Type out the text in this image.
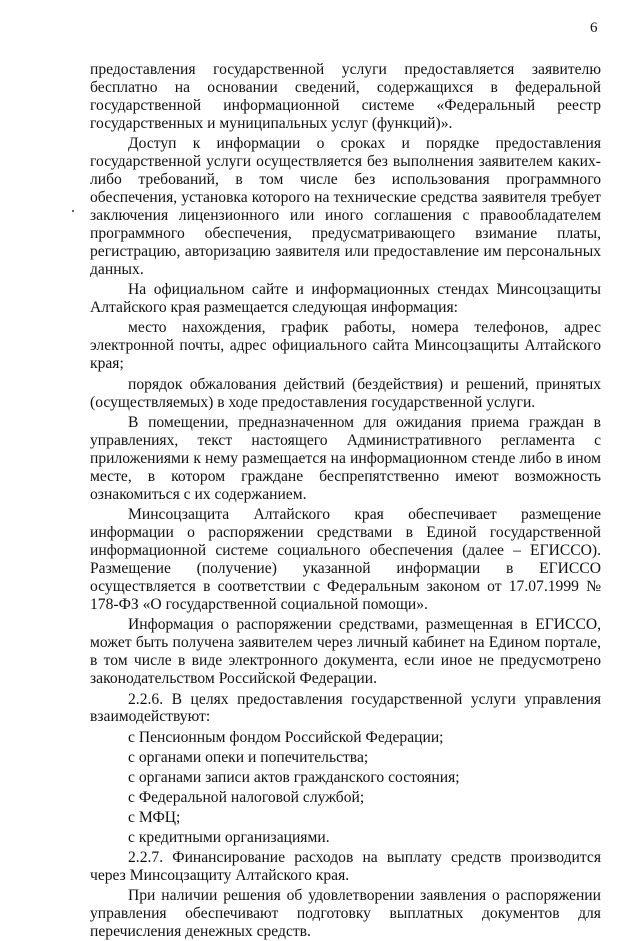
6

предоставления государственной услуги предоставляется заявителю бесплатно на основании сведений, содержащихся в федеральной государственной информационной системе «Федеральный реестр государственных и муниципальных услуг (функций)».

Доступ к информации о сроках и порядке предоставления государственной услуги осуществляется без выполнения заявителем каких-либо требований, в том числе без использования программного обеспечения, установка которого на технические средства заявителя требует заключения лицензионного или иного соглашения с правообладателем программного обеспечения, предусматривающего взимание платы, регистрацию, авторизацию заявителя или предоставление им персональных данных.

На официальном сайте и информационных стендах Минсоцзащиты Алтайского края размещается следующая информация:

место нахождения, график работы, номера телефонов, адрес электронной почты, адрес официального сайта Минсоцзащиты Алтайского края;

порядок обжалования действий (бездействия) и решений, принятых (осуществляемых) в ходе предоставления государственной услуги.

В помещении, предназначенном для ожидания приема граждан в управлениях, текст настоящего Административного регламента с приложениями к нему размещается на информационном стенде либо в ином месте, в котором граждане беспрепятственно имеют возможность ознакомиться с их содержанием.

Минсоцзащита Алтайского края обеспечивает размещение информации о распоряжении средствами в Единой государственной информационной системе социального обеспечения (далее – ЕГИССО). Размещение (получение) указанной информации в ЕГИССО осуществляется в соответствии с Федеральным законом от 17.07.1999 № 178-ФЗ «О государственной социальной помощи».

Информация о распоряжении средствами, размещенная в ЕГИССО, может быть получена заявителем через личный кабинет на Едином портале, в том числе в виде электронного документа, если иное не предусмотрено законодательством Российской Федерации.

2.2.6. В целях предоставления государственной услуги управления взаимодействуют:

с Пенсионным фондом Российской Федерации;

с органами опеки и попечительства;

с органами записи актов гражданского состояния;

с Федеральной налоговой службой;

с МФЦ;

с кредитными организациями.

2.2.7. Финансирование расходов на выплату средств производится через Минсоцзащиту Алтайского края.

При наличии решения об удовлетворении заявления о распоряжении управления обеспечивают подготовку выплатных документов для перечисления денежных средств.
